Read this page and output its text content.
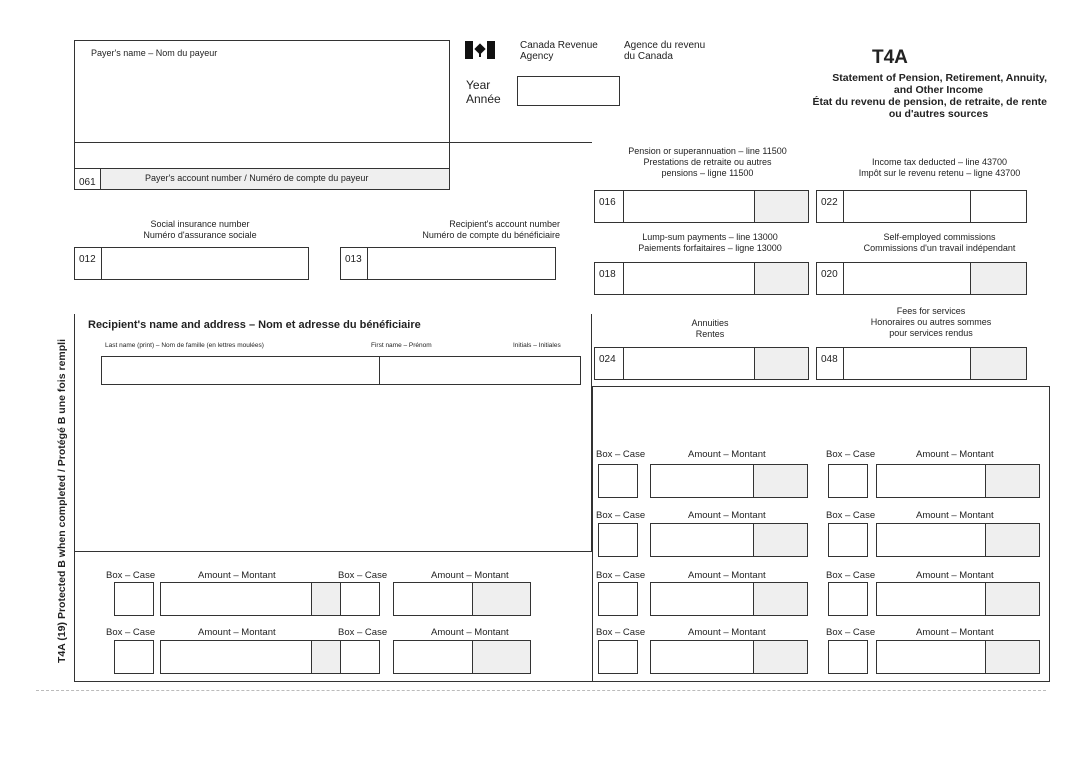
T4A (19) Protected B when completed / Protégé B une fois rempli
Payer's name – Nom du payeur
Canada Revenue
Agency
Agence du revenu
du Canada
Year
Année
T4A
Statement of Pension, Retirement, Annuity,
and Other Income
État du revenu de pension, de retraite, de rente
ou d'autres sources
061	Payer's account number / Numéro de compte du payeur
Social insurance number
Numéro d'assurance sociale
012
Recipient's account number
Numéro de compte du bénéficiaire
013
Pension or superannuation – line 11500
Prestations de retraite ou autres
pensions – ligne 11500
016
Income tax deducted – line 43700
Impôt sur le revenu retenu – ligne 43700
022
Lump-sum payments – line 13000
Paiements forfaitaires – ligne 13000
018
Self-employed commissions
Commissions d'un travail indépendant
020
Annuities
Rentes
024
Fees for services
Honoraires ou autres sommes
pour services rendus
048
Recipient's name and address – Nom et adresse du bénéficiaire
Last name (print) – Nom de famille (en lettres moulées)	First name – Prénom	Initials – Initiales
Box – Case	Amount – Montant	Box – Case	Amount – Montant
Box – Case	Amount – Montant	Box – Case	Amount – Montant
Box – Case	Amount – Montant	Box – Case	Amount – Montant	Box – Case	Amount – Montant	Box – Case	Amount – Montant
Box – Case	Amount – Montant	Box – Case	Amount – Montant	Box – Case	Amount – Montant	Box – Case	Amount – Montant
